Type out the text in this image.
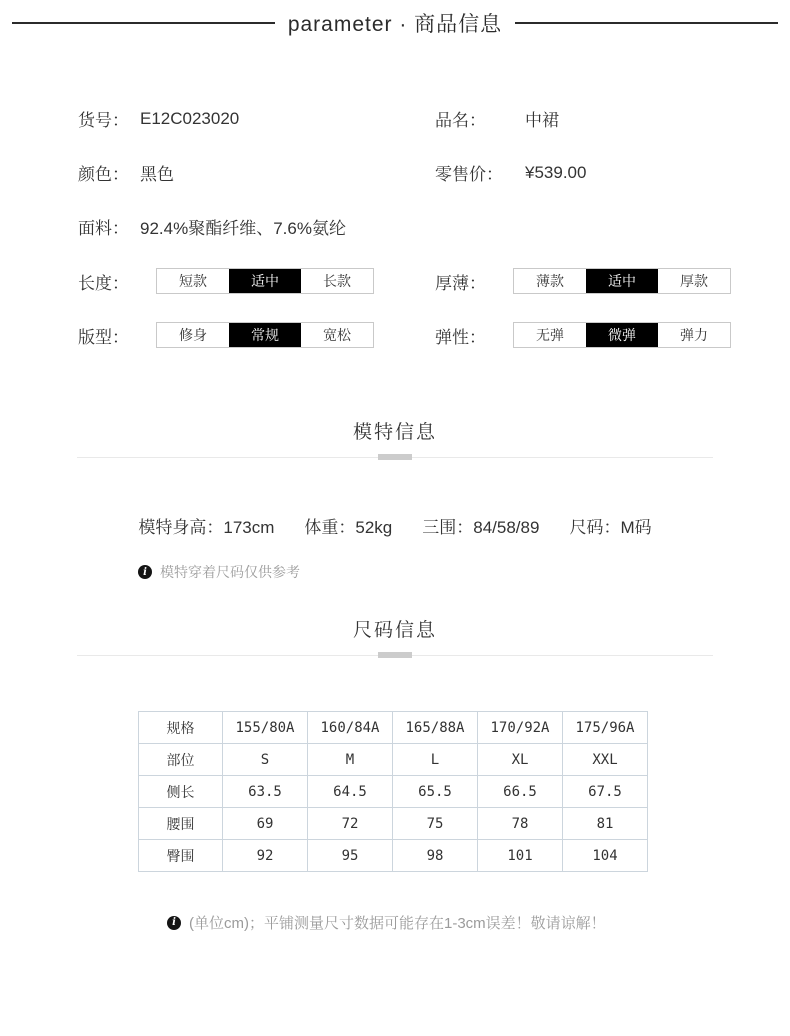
parameter · 商品信息
货号： E12C023020	品名：	中裙
颜色： 黑色	零售价：	¥539.00
面料： 92.4%聚酯纤维、7.6%氨纶
长度：	短款	适中	长款	厚薄：	薄款	适中	厚款
版型：	修身	常规	宽松	弹性：	无弹	微弹	弹力
模特信息
模特身高：173cm 体重：52kg 三围：84/58/89 尺码：M码
i 模特穿着尺码仅供参考
尺码信息
规格	155/80A	160/84A	165/88A	170/92A	175/96A
部位	S	M	L	XL	XXL
侧长	63.5	64.5	65.5	66.5	67.5
腰围	69	72	75	78	81
臀围	92	95	98	101	104
i (单位cm)；平铺测量尺寸数据可能存在1-3cm误差！敬请谅解！
